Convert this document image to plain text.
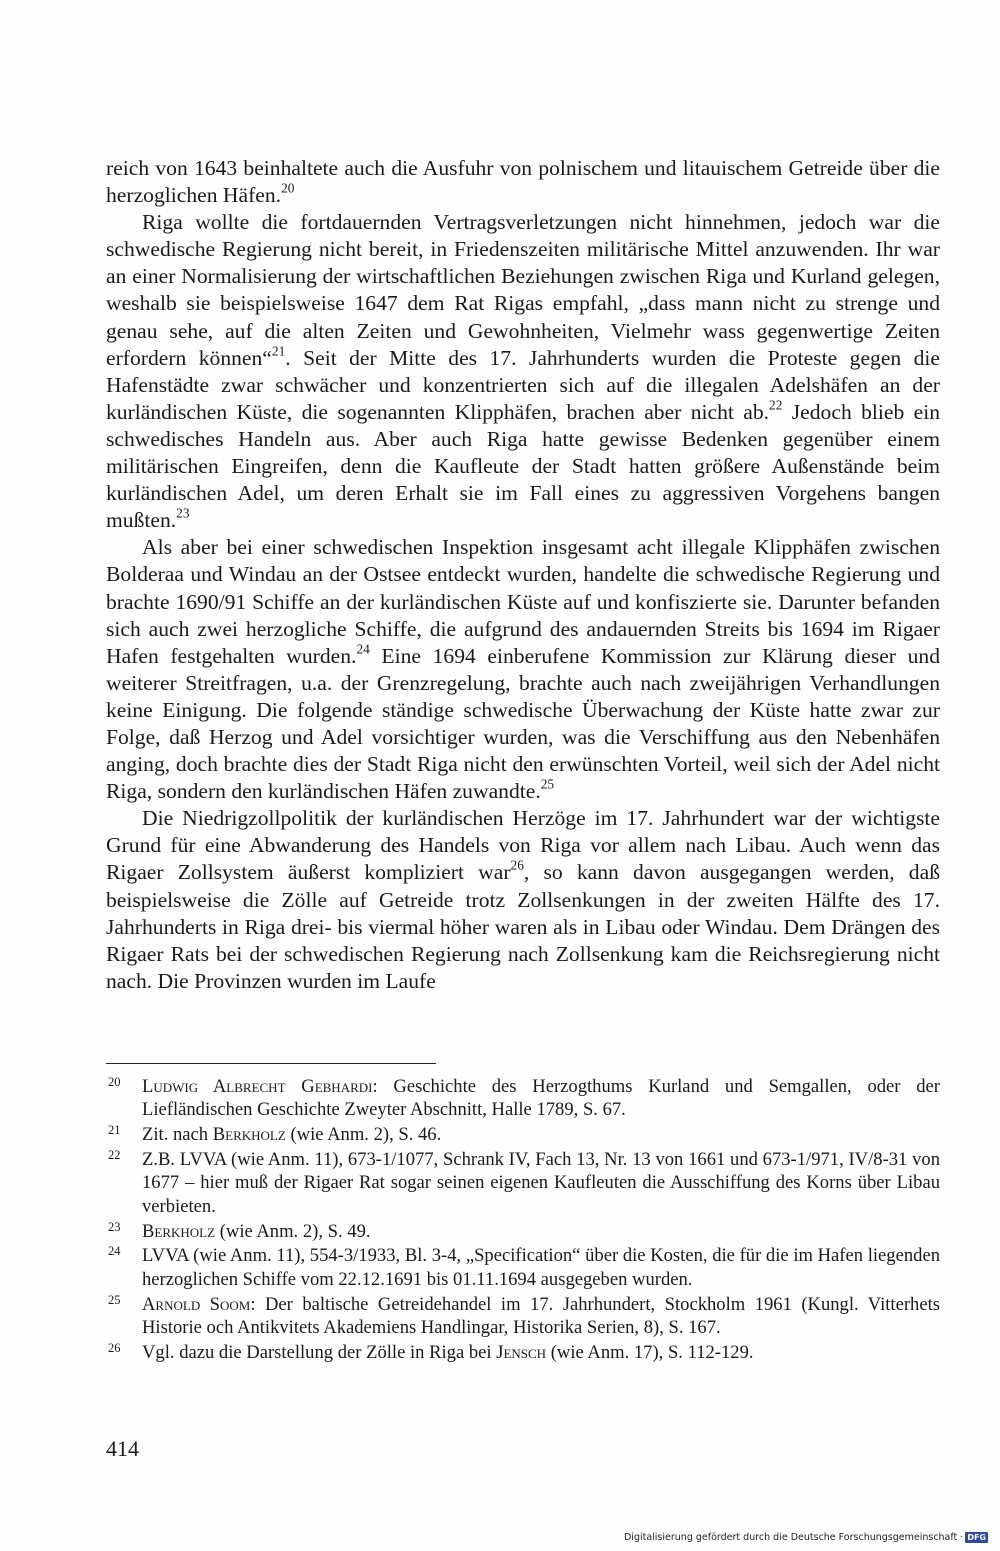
reich von 1643 beinhaltete auch die Ausfuhr von polnischem und litauischem Getreide über die herzoglichen Häfen.$^{20}$

Riga wollte die fortdauernden Vertragsverletzungen nicht hinnehmen, jedoch war die schwedische Regierung nicht bereit, in Friedenszeiten militärische Mittel anzuwenden. Ihr war an einer Normalisierung der wirtschaftlichen Beziehungen zwischen Riga und Kurland gelegen, weshalb sie beispielsweise 1647 dem Rat Rigas empfahl, „dass mann nicht zu strenge und genau sehe, auf die alten Zeiten und Gewohnheiten, Vielmehr wass gegenwertige Zeiten erfordern können“$^{21}$. Seit der Mitte des 17. Jahrhunderts wurden die Proteste gegen die Hafenstädte zwar schwächer und konzentrierten sich auf die illegalen Adelshäfen an der kurländischen Küste, die sogenannten Klipphäfen, brachen aber nicht ab.$^{22}$ Jedoch blieb ein schwedisches Handeln aus. Aber auch Riga hatte gewisse Bedenken gegenüber einem militärischen Eingreifen, denn die Kaufleute der Stadt hatten größere Außenstände beim kurländischen Adel, um deren Erhalt sie im Fall eines zu aggressiven Vorgehens bangen mußten.$^{23}$

Als aber bei einer schwedischen Inspektion insgesamt acht illegale Klipphäfen zwischen Bolderaa und Windau an der Ostsee entdeckt wurden, handelte die schwedische Regierung und brachte 1690/91 Schiffe an der kurländischen Küste auf und konfiszierte sie. Darunter befanden sich auch zwei herzogliche Schiffe, die aufgrund des andauernden Streits bis 1694 im Rigaer Hafen festgehalten wurden.$^{24}$ Eine 1694 einberufene Kommission zur Klärung dieser und weiterer Streitfragen, u.a. der Grenzregelung, brachte auch nach zweijährigen Verhandlungen keine Einigung. Die folgende ständige schwedische Überwachung der Küste hatte zwar zur Folge, daß Herzog und Adel vorsichtiger wurden, was die Verschiffung aus den Nebenhäfen anging, doch brachte dies der Stadt Riga nicht den erwünschten Vorteil, weil sich der Adel nicht Riga, sondern den kurländischen Häfen zuwandte.$^{25}$

Die Niedrigzollpolitik der kurländischen Herzöge im 17. Jahrhundert war der wichtigste Grund für eine Abwanderung des Handels von Riga vor allem nach Libau. Auch wenn das Rigaer Zollsystem äußerst kompliziert war$^{26}$, so kann davon ausgegangen werden, daß beispielsweise die Zölle auf Getreide trotz Zollsenkungen in der zweiten Hälfte des 17. Jahrhunderts in Riga drei- bis viermal höher waren als in Libau oder Windau. Dem Drängen des Rigaer Rats bei der schwedischen Regierung nach Zollsenkung kam die Reichsregierung nicht nach. Die Provinzen wurden im Laufe

20 Ludwig Albrecht Gebhardi: Geschichte des Herzogthums Kurland und Semgallen, oder der Liefländischen Geschichte Zweyter Abschnitt, Halle 1789, S. 67.
21 Zit. nach Berkholz (wie Anm. 2), S. 46.
22 Z.B. LVVA (wie Anm. 11), 673-1/1077, Schrank IV, Fach 13, Nr. 13 von 1661 und 673-1/971, IV/8-31 von 1677 – hier muß der Rigaer Rat sogar seinen eigenen Kaufleuten die Ausschiffung des Korns über Libau verbieten.
23 Berkholz (wie Anm. 2), S. 49.
24 LVVA (wie Anm. 11), 554-3/1933, Bl. 3-4, „Specification“ über die Kosten, die für die im Hafen liegenden herzoglichen Schiffe vom 22.12.1691 bis 01.11.1694 ausgegeben wurden.
25 Arnold Soom: Der baltische Getreidehandel im 17. Jahrhundert, Stockholm 1961 (Kungl. Vitterhets Historie och Antikvitets Akademiens Handlingar, Historika Serien, 8), S. 167.
26 Vgl. dazu die Darstellung der Zölle in Riga bei Jensch (wie Anm. 17), S. 112-129.
414
Digitalisierung gefördert durch die Deutsche Forschungsgemeinschaft · DFG
